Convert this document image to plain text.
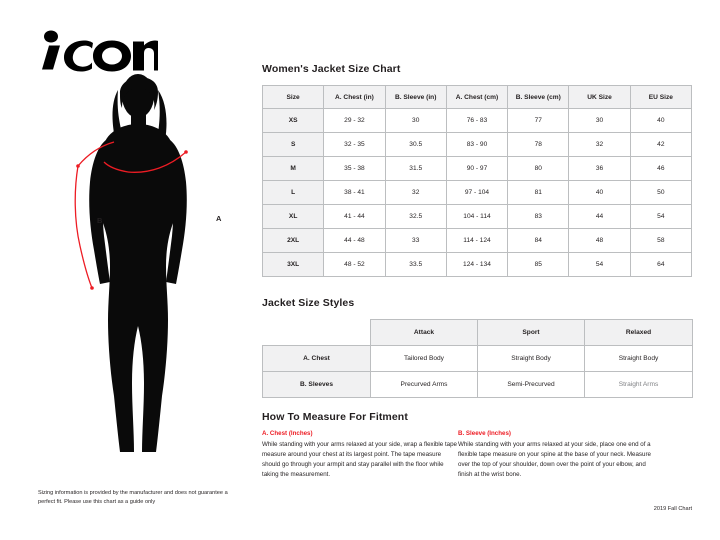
B	A
Sizing information is provided by the manufacturer and does not guarantee a perfect fit. Please use this chart as a guide only
Women's Jacket Size Chart
Size	A. Chest (in)	B. Sleeve (in)	A. Chest (cm)	B. Sleeve (cm)	UK Size	EU Size
XS	29 - 32	30	76 - 83	77	30	40
S	32 - 35	30.5	83 - 90	78	32	42
M	35 - 38	31.5	90 - 97	80	36	46
L	38 - 41	32	97 - 104	81	40	50
XL	41 - 44	32.5	104 - 114	83	44	54
2XL	44 - 48	33	114 - 124	84	48	58
3XL	48 - 52	33.5	124 - 134	85	54	64
Jacket Size Styles
	Attack	Sport	Relaxed
A. Chest	Tailored Body	Straight Body	Straight Body
B. Sleeves	Precurved Arms	Semi-Precurved	Straight Arms
How To Measure For Fitment
A. Chest (Inches)
While standing with your arms relaxed at your side, wrap a flexible tape measure around your chest at its largest point. The tape measure should go through your armpit and stay parallel with the floor while taking the measurement.
B. Sleeve (Inches)
While standing with your arms relaxed at your side, place one end of a flexible tape measure on your spine at the base of your neck. Measure over the top of your shoulder, down over the point of your elbow, and finish at the wrist bone.
2019 Fall Chart
